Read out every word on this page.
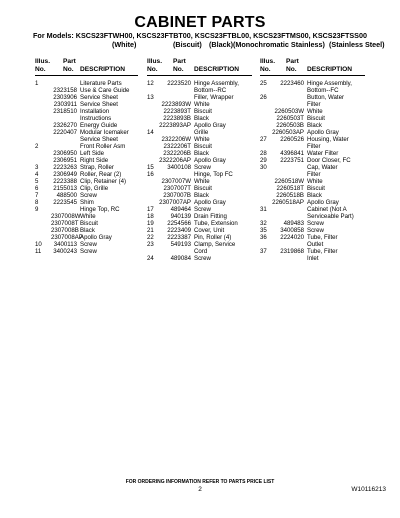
CABINET PARTS
For Models: KSCS23FTWH00, KSCS23FTBT00, KSCS23FTBL00, KSCS23FTMS00, KSCS23FTSS00
(White)	(Biscuit) (Black) (Monochromatic Stainless) (Stainless Steel)
Illus.
No.
Part
No. DESCRIPTION
1	Literature Parts
2323158 Use & Care Guide
2303906 Service Sheet
2303911 Service Sheet
2318510 Installation
Instructions
2326270 Energy Guide
2220407 Modular Icemaker
Service Sheet
2	Front Roller Asm
2306950 Left Side
2306951 Right Side
3	2223263 Strap, Roller
4	2306949 Roller, Rear (2)
5	2223388 Clip, Retainer (4)
6	2155013 Clip, Grille
7	488500 Screw
8	2223545 Shim
9	Hinge Top, RC
2307008W White
2307008T Biscuit
2307008B Black
2307008AP
Apollo Gray
10	3400113 Screw
11	3400243 Screw
Illus.
No.
Part
No. DESCRIPTION
12	2223520 Hinge Assembly,
Bottom--RC
13	Filler, Wrapper
2223893W White
2223893T Biscuit
2223893B Black
2223893AP Apollo Gray
14	Grille
2322206W White
2322206T Biscuit
2322206B Black
2322206AP Apollo Gray
15	3400108 Screw
16	Hinge, Top FC
2307007W White
2307007T Biscuit
2307007B Black
2307007AP Apollo Gray
17	489464 Screw
18	940139 Drain Fitting
19	2254566 Tube, Extension
21	2223409 Cover, Unit
22	2223387 Pin, Roller (4)
23	549193 Clamp, Service
Cord
24	489084 Screw
Illus.
No.
Part
No. DESCRIPTION
25	2223460 Hinge Assembly,
Bottom--FC
26	Button, Water
Filter
2260503W White
2260503T Biscuit
2260503B Black
2260503AP Apollo Gray
27	2260526 Housing, Water
Filter
28	4396841 Water Filter
29	2223751 Door Closer, FC
30	Cap, Water
Filter
2260518W White
2260518T Biscuit
2260518B Black
2260518AP Apollo Gray
31	Cabinet (Not A
Serviceable Part)
32	489483 Screw
35	3400858 Screw
36	2224020 Tube, Filter
Outlet
37	2319868 Tube, Filter
Inlet
FOR ORDERING INFORMATION REFER TO PARTS PRICE LIST
2	W10116213
